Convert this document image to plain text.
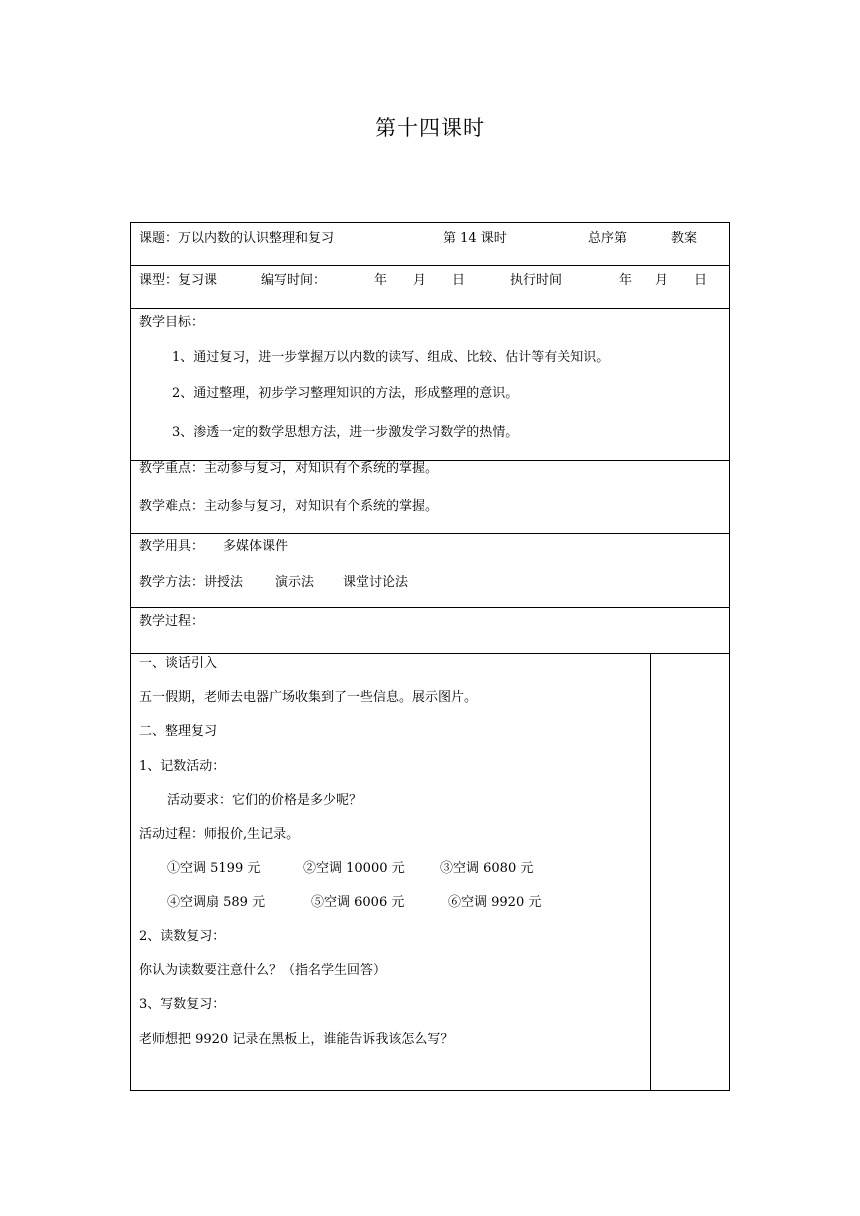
第十四课时
课题：万以内数的认识整理和复习	第 14 课时	总序第	教案
课型：复习课	编写时间：	年 月 日	执行时间	年 月 日
教学目标：
1、通过复习，进一步掌握万以内数的读写、组成、比较、估计等有关知识。
2、通过整理，初步学习整理知识的方法，形成整理的意识。
3、渗透一定的数学思想方法，进一步激发学习数学的热情。
教学重点：主动参与复习，对知识有个系统的掌握。
教学难点：主动参与复习，对知识有个系统的掌握。
教学用具： 多媒体课件
教学方法：讲授法 演示法 课堂讨论法
教学过程：
一、谈话引入
五一假期，老师去电器广场收集到了一些信息。展示图片。
二、整理复习
1、记数活动：
活动要求：它们的价格是多少呢？
活动过程：师报价,生记录。
①空调 5199 元	②空调 10000 元	③空调 6080 元
④空调扇 589 元	⑤空调 6006 元	⑥空调 9920 元
2、读数复习：
你认为读数要注意什么？（指名学生回答）
3、写数复习：
老师想把 9920 记录在黑板上，谁能告诉我该怎么写？
